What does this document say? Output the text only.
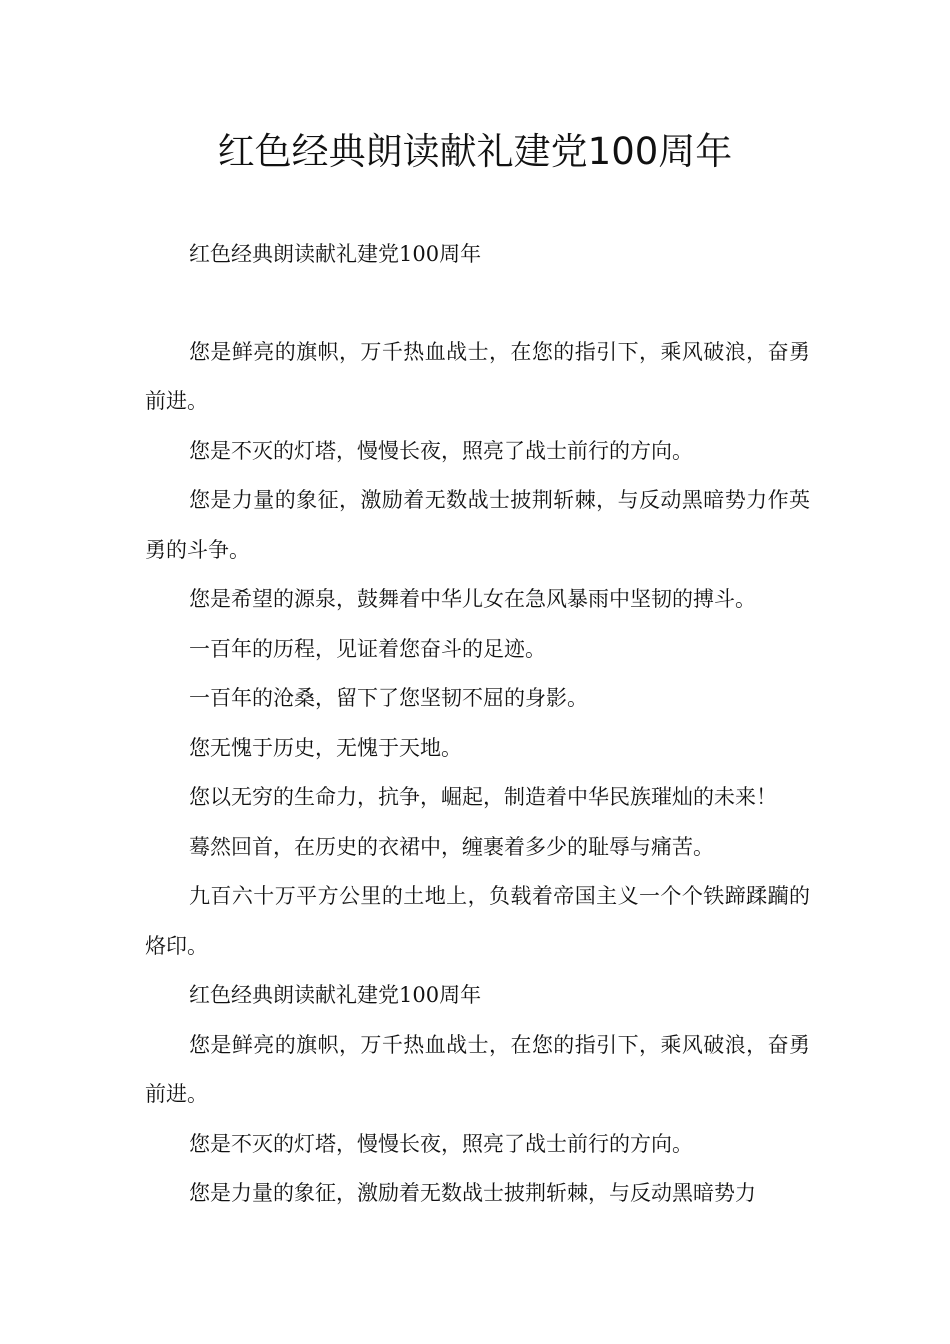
红色经典朗读献礼建党100周年

红色经典朗读献礼建党100周年

您是鲜亮的旗帜，万千热血战士，在您的指引下，乘风破浪，奋勇前进。

您是不灭的灯塔，慢慢长夜，照亮了战士前行的方向。

您是力量的象征，激励着无数战士披荆斩棘，与反动黑暗势力作英勇的斗争。

您是希望的源泉，鼓舞着中华儿女在急风暴雨中坚韧的搏斗。

一百年的历程，见证着您奋斗的足迹。

一百年的沧桑，留下了您坚韧不屈的身影。

您无愧于历史，无愧于天地。

您以无穷的生命力，抗争，崛起，制造着中华民族璀灿的未来！

蓦然回首，在历史的衣裙中，缠裹着多少的耻辱与痛苦。

九百六十万平方公里的土地上，负载着帝国主义一个个铁蹄蹂躏的烙印。

红色经典朗读献礼建党100周年

您是鲜亮的旗帜，万千热血战士，在您的指引下，乘风破浪，奋勇前进。

您是不灭的灯塔，慢慢长夜，照亮了战士前行的方向。

您是力量的象征，激励着无数战士披荆斩棘，与反动黑暗势力
